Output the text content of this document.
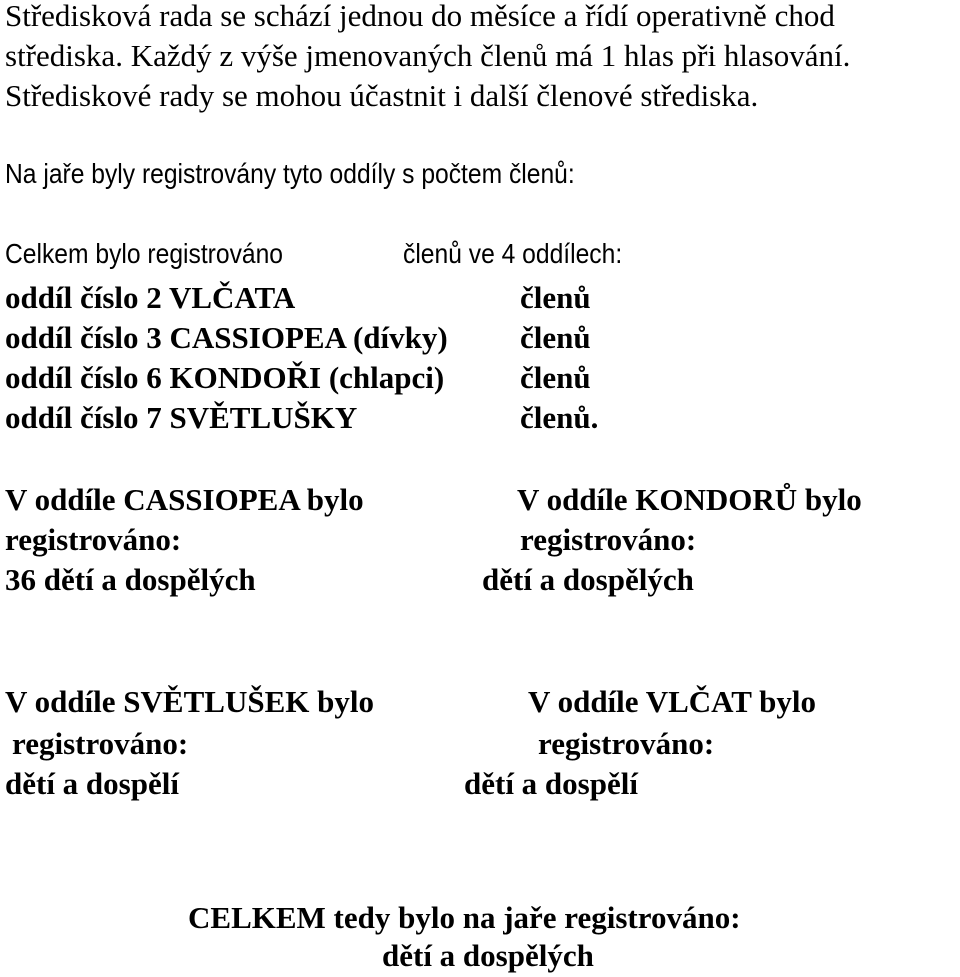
Středisková rada se schází jednou do měsíce a řídí operativně chod
střediska. Každý z výše jmenovaných členů má 1 hlas při hlasování.
Střediskové rady se mohou účastnit i další členové střediska.
Na jaře byly registrovány tyto oddíly s počtem členů:
Celkem bylo registrováno	členů ve 4 oddílech:
oddíl číslo 2 VLČATA	členů
oddíl číslo 3 CASSIOPEA (dívky) členů
oddíl číslo 6 KONDOŘI (chlapci) členů
oddíl číslo 7 SVĚTLUŠKY	členů.
V oddíle CASSIOPEA bylo
registrováno:
36 dětí a dospělých
V oddíle KONDORŮ bylo
registrováno:
dětí a dospělých
V oddíle SVĚTLUŠEK bylo
registrováno:
dětí a dospělí
V oddíle VLČAT bylo
registrováno:
dětí a dospělí
CELKEM tedy bylo na jaře registrováno:
dětí a dospělých
